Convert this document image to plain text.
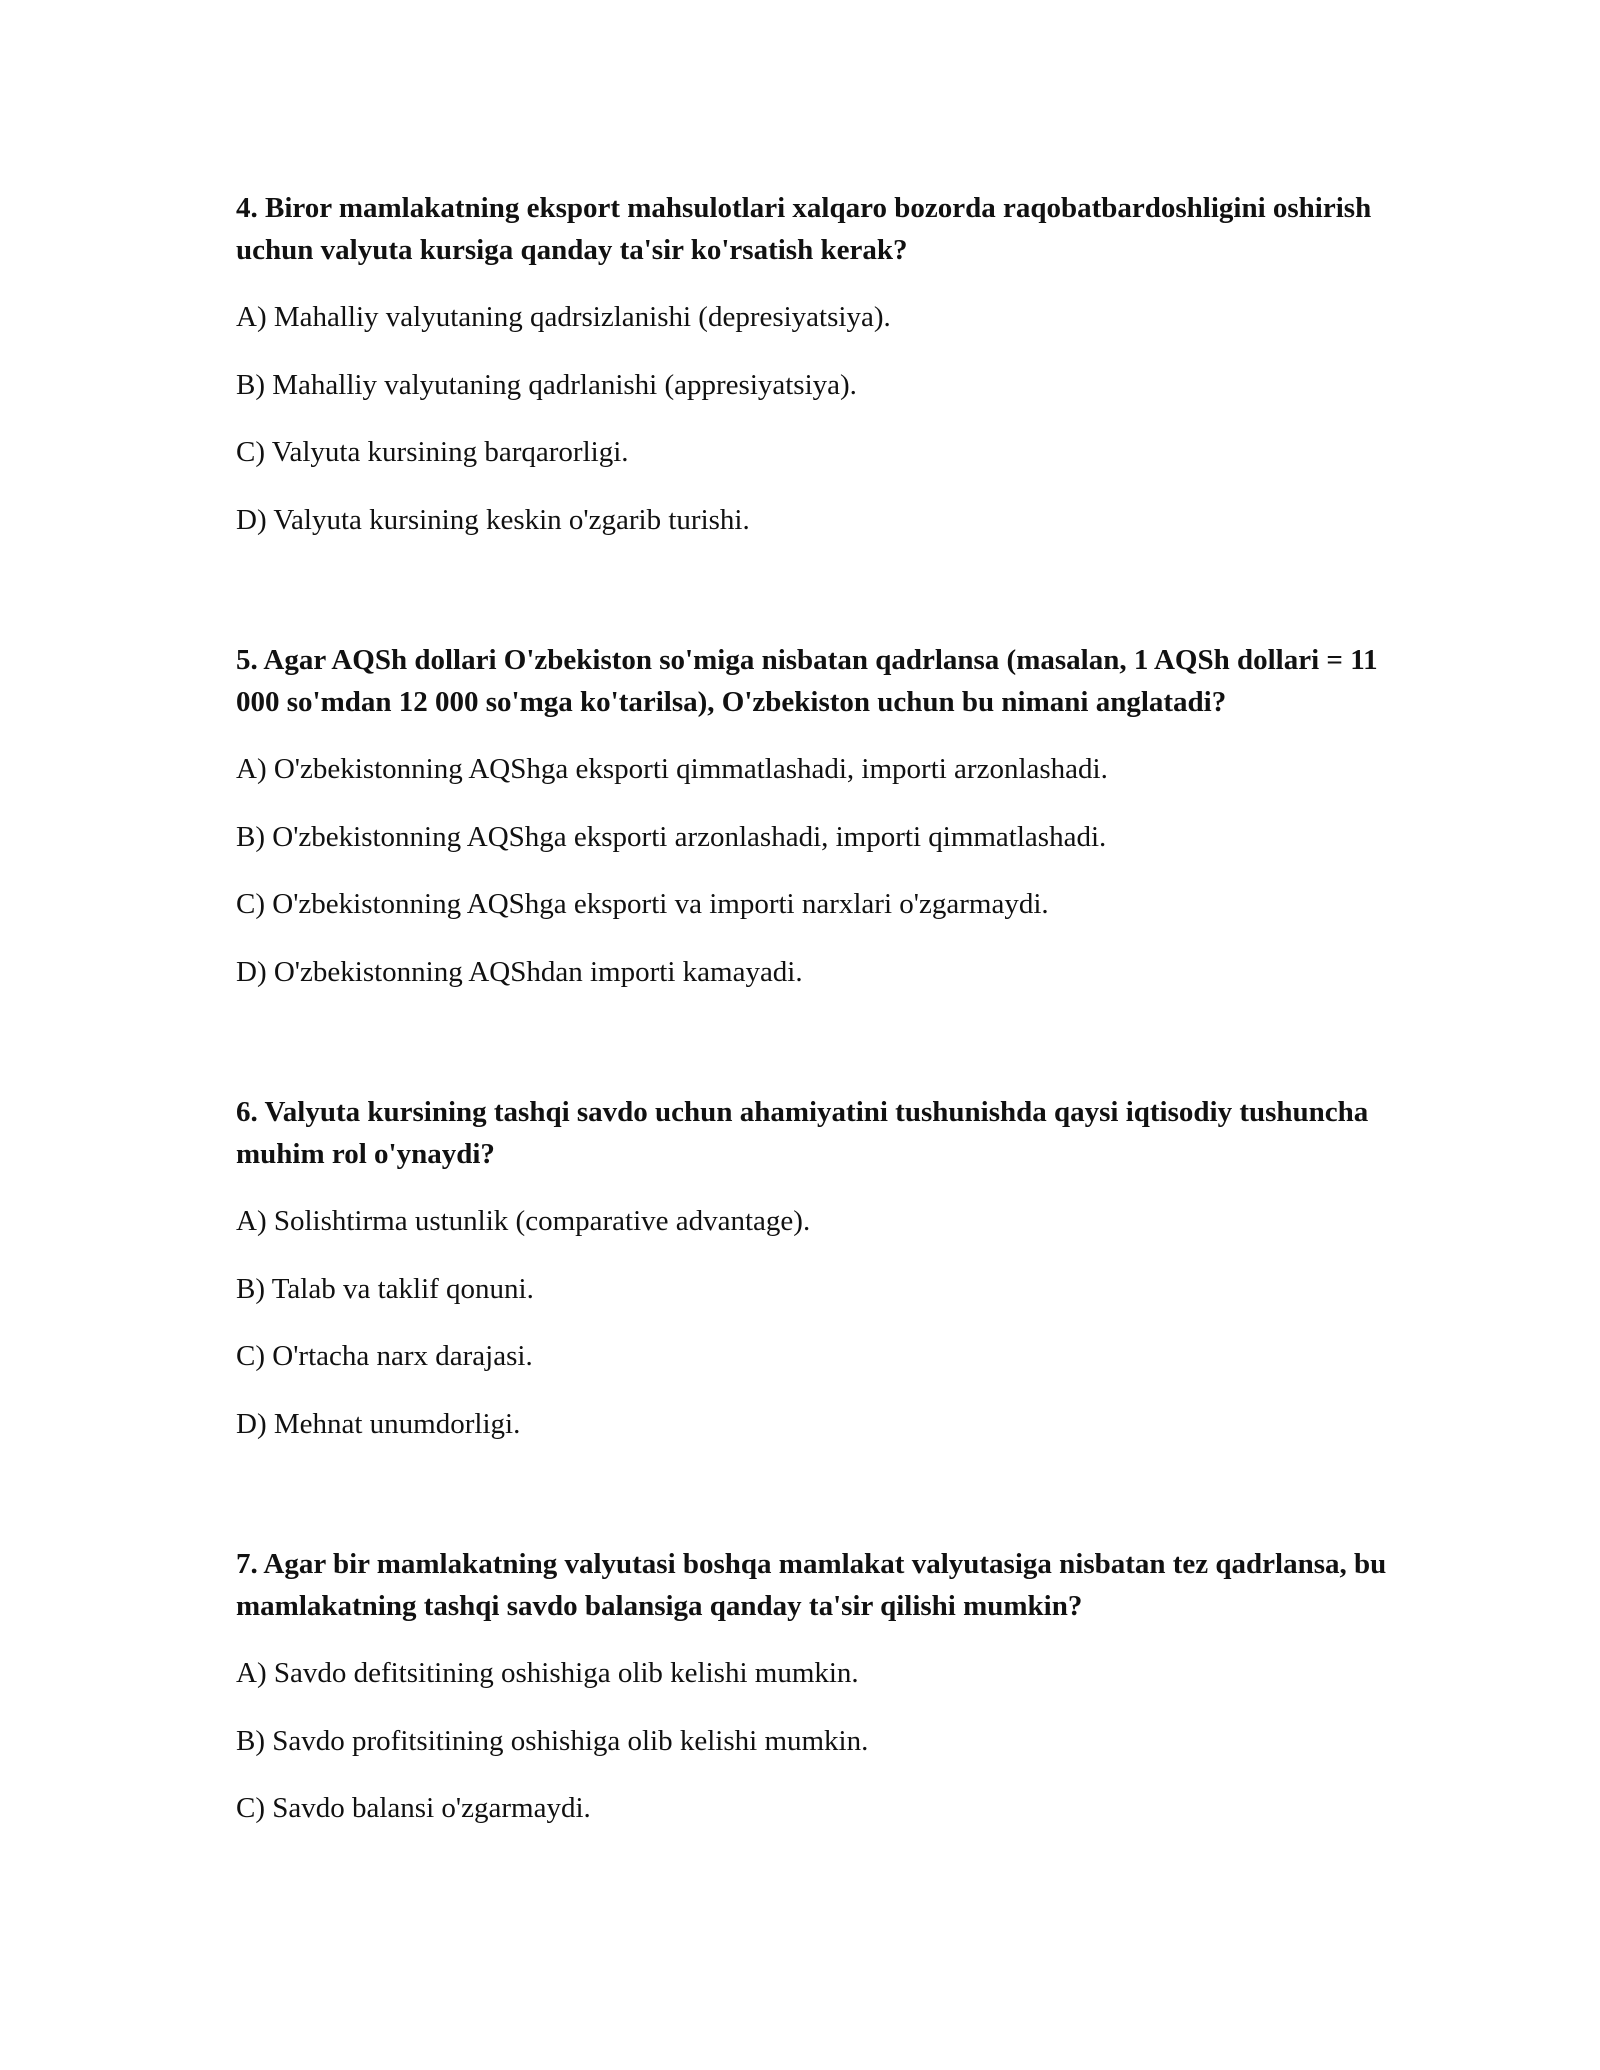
4. Biror mamlakatning eksport mahsulotlari xalqaro bozorda raqobatbardoshligini oshirish uchun valyuta kursiga qanday ta'sir ko'rsatish kerak?

A) Mahalliy valyutaning qadrsizlanishi (depresiyatsiya).
B) Mahalliy valyutaning qadrlanishi (appresiyatsiya).
C) Valyuta kursining barqarorligi.
D) Valyuta kursining keskin o'zgarib turishi.

5. Agar AQSh dollari O'zbekiston so'miga nisbatan qadrlansa (masalan, 1 AQSh dollari = 11 000 so'mdan 12 000 so'mga ko'tarilsa), O'zbekiston uchun bu nimani anglatadi?

A) O'zbekistonning AQShga eksporti qimmatlashadi, importi arzonlashadi.
B) O'zbekistonning AQShga eksporti arzonlashadi, importi qimmatlashadi.
C) O'zbekistonning AQShga eksporti va importi narxlari o'zgarmaydi.
D) O'zbekistonning AQShdan importi kamayadi.

6. Valyuta kursining tashqi savdo uchun ahamiyatini tushunishda qaysi iqtisodiy tushuncha muhim rol o'ynaydi?

A) Solishtirma ustunlik (comparative advantage).
B) Talab va taklif qonuni.
C) O'rtacha narx darajasi.
D) Mehnat unumdorligi.

7. Agar bir mamlakatning valyutasi boshqa mamlakat valyutasiga nisbatan tez qadrlansa, bu mamlakatning tashqi savdo balansiga qanday ta'sir qilishi mumkin?

A) Savdo defitsitining oshishiga olib kelishi mumkin.
B) Savdo profitsitining oshishiga olib kelishi mumkin.
C) Savdo balansi o'zgarmaydi.
